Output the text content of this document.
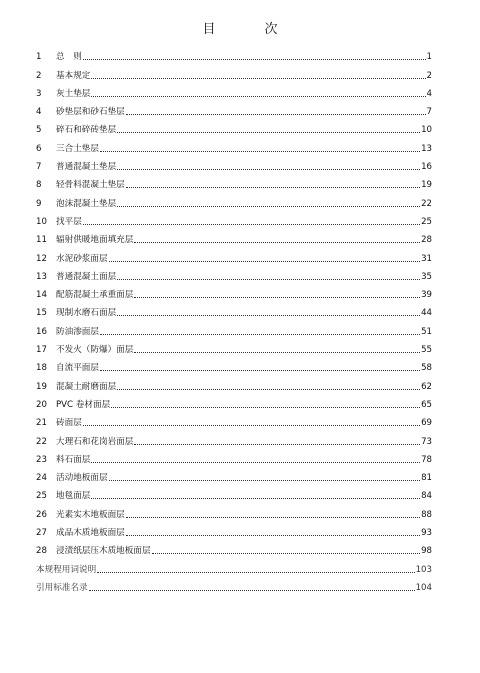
目　次
1	总　则	1
2	基本规定	2
3	灰土垫层	4
4	砂垫层和砂石垫层	7
5	碎石和碎砖垫层	10
6	三合土垫层	13
7	普通混凝土垫层	16
8	轻骨料混凝土垫层	19
9	泡沫混凝土垫层	22
10	找平层	25
11	辐射供暖地面填充层	28
12	水泥砂浆面层	31
13	普通混凝土面层	35
14	配筋混凝土承重面层	39
15	现制水磨石面层	44
16	防油渗面层	51
17	不发火（防爆）面层	55
18	自流平面层	58
19	混凝土耐磨面层	62
20	PVC 卷材面层	65
21	砖面层	69
22	大理石和花岗岩面层	73
23	料石面层	78
24	活动地板面层	81
25	地毯面层	84
26	光素实木地板面层	88
27	成品木质地板面层	93
28	浸渍纸层压木质地板面层	98
本规程用词说明	103
引用标准名录	104
